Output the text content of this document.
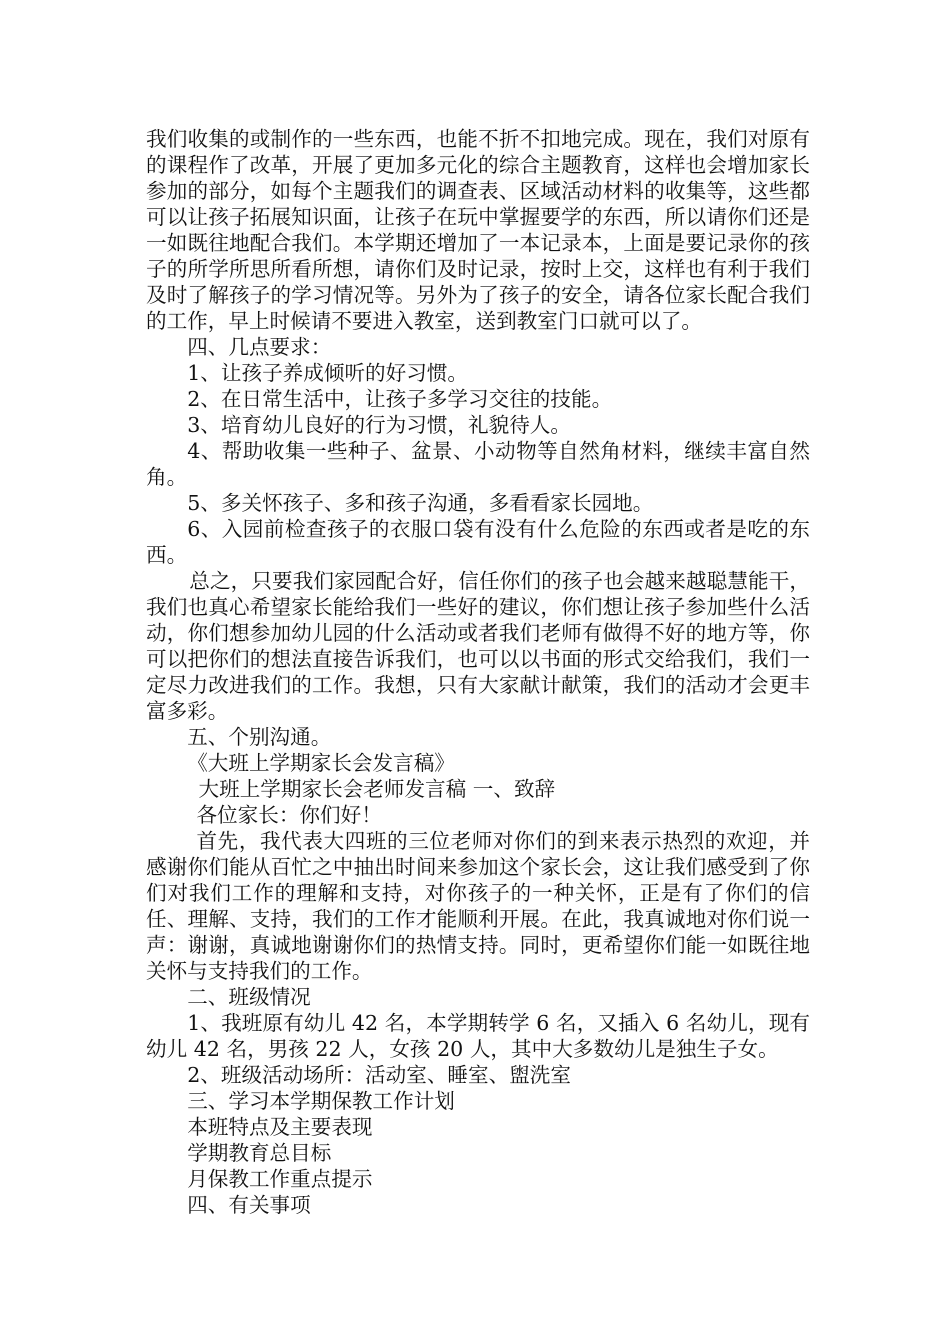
我们收集的或制作的一些东西，也能不折不扣地完成。现在，我们对原有的课程作了改革，开展了更加多元化的综合主题教育，这样也会增加家长参加的部分，如每个主题我们的调查表、区域活动材料的收集等，这些都可以让孩子拓展知识面，让孩子在玩中掌握要学的东西，所以请你们还是一如既往地配合我们。本学期还增加了一本记录本，上面是要记录你的孩子的所学所思所看所想，请你们及时记录，按时上交，这样也有利于我们及时了解孩子的学习情况等。另外为了孩子的安全，请各位家长配合我们的工作，早上时候请不要进入教室，送到教室门口就可以了。

四、几点要求：

1、让孩子养成倾听的好习惯。

2、在日常生活中，让孩子多学习交往的技能。

3、培育幼儿良好的行为习惯，礼貌待人。

4、帮助收集一些种子、盆景、小动物等自然角材料，继续丰富自然角。

5、多关怀孩子、多和孩子沟通，多看看家长园地。

6、入园前检查孩子的衣服口袋有没有什么危险的东西或者是吃的东西。

总之，只要我们家园配合好，信任你们的孩子也会越来越聪慧能干，我们也真心希望家长能给我们一些好的建议，你们想让孩子参加些什么活动，你们想参加幼儿园的什么活动或者我们老师有做得不好的地方等，你可以把你们的想法直接告诉我们，也可以以书面的形式交给我们，我们一定尽力改进我们的工作。我想，只有大家献计献策，我们的活动才会更丰富多彩。

五、个别沟通。

《大班上学期家长会发言稿》

大班上学期家长会老师发言稿 一、致辞

各位家长：你们好！

首先，我代表大四班的三位老师对你们的到来表示热烈的欢迎，并感谢你们能从百忙之中抽出时间来参加这个家长会，这让我们感受到了你们对我们工作的理解和支持，对你孩子的一种关怀，正是有了你们的信任、理解、支持，我们的工作才能顺利开展。在此，我真诚地对你们说一声：谢谢，真诚地谢谢你们的热情支持。同时，更希望你们能一如既往地关怀与支持我们的工作。

二、班级情况

1、我班原有幼儿 42 名，本学期转学 6 名，又插入 6 名幼儿，现有幼儿 42 名，男孩 22 人，女孩 20 人，其中大多数幼儿是独生子女。

2、班级活动场所：活动室、睡室、盥洗室

三、学习本学期保教工作计划

本班特点及主要表现

学期教育总目标

月保教工作重点提示

四、有关事项
